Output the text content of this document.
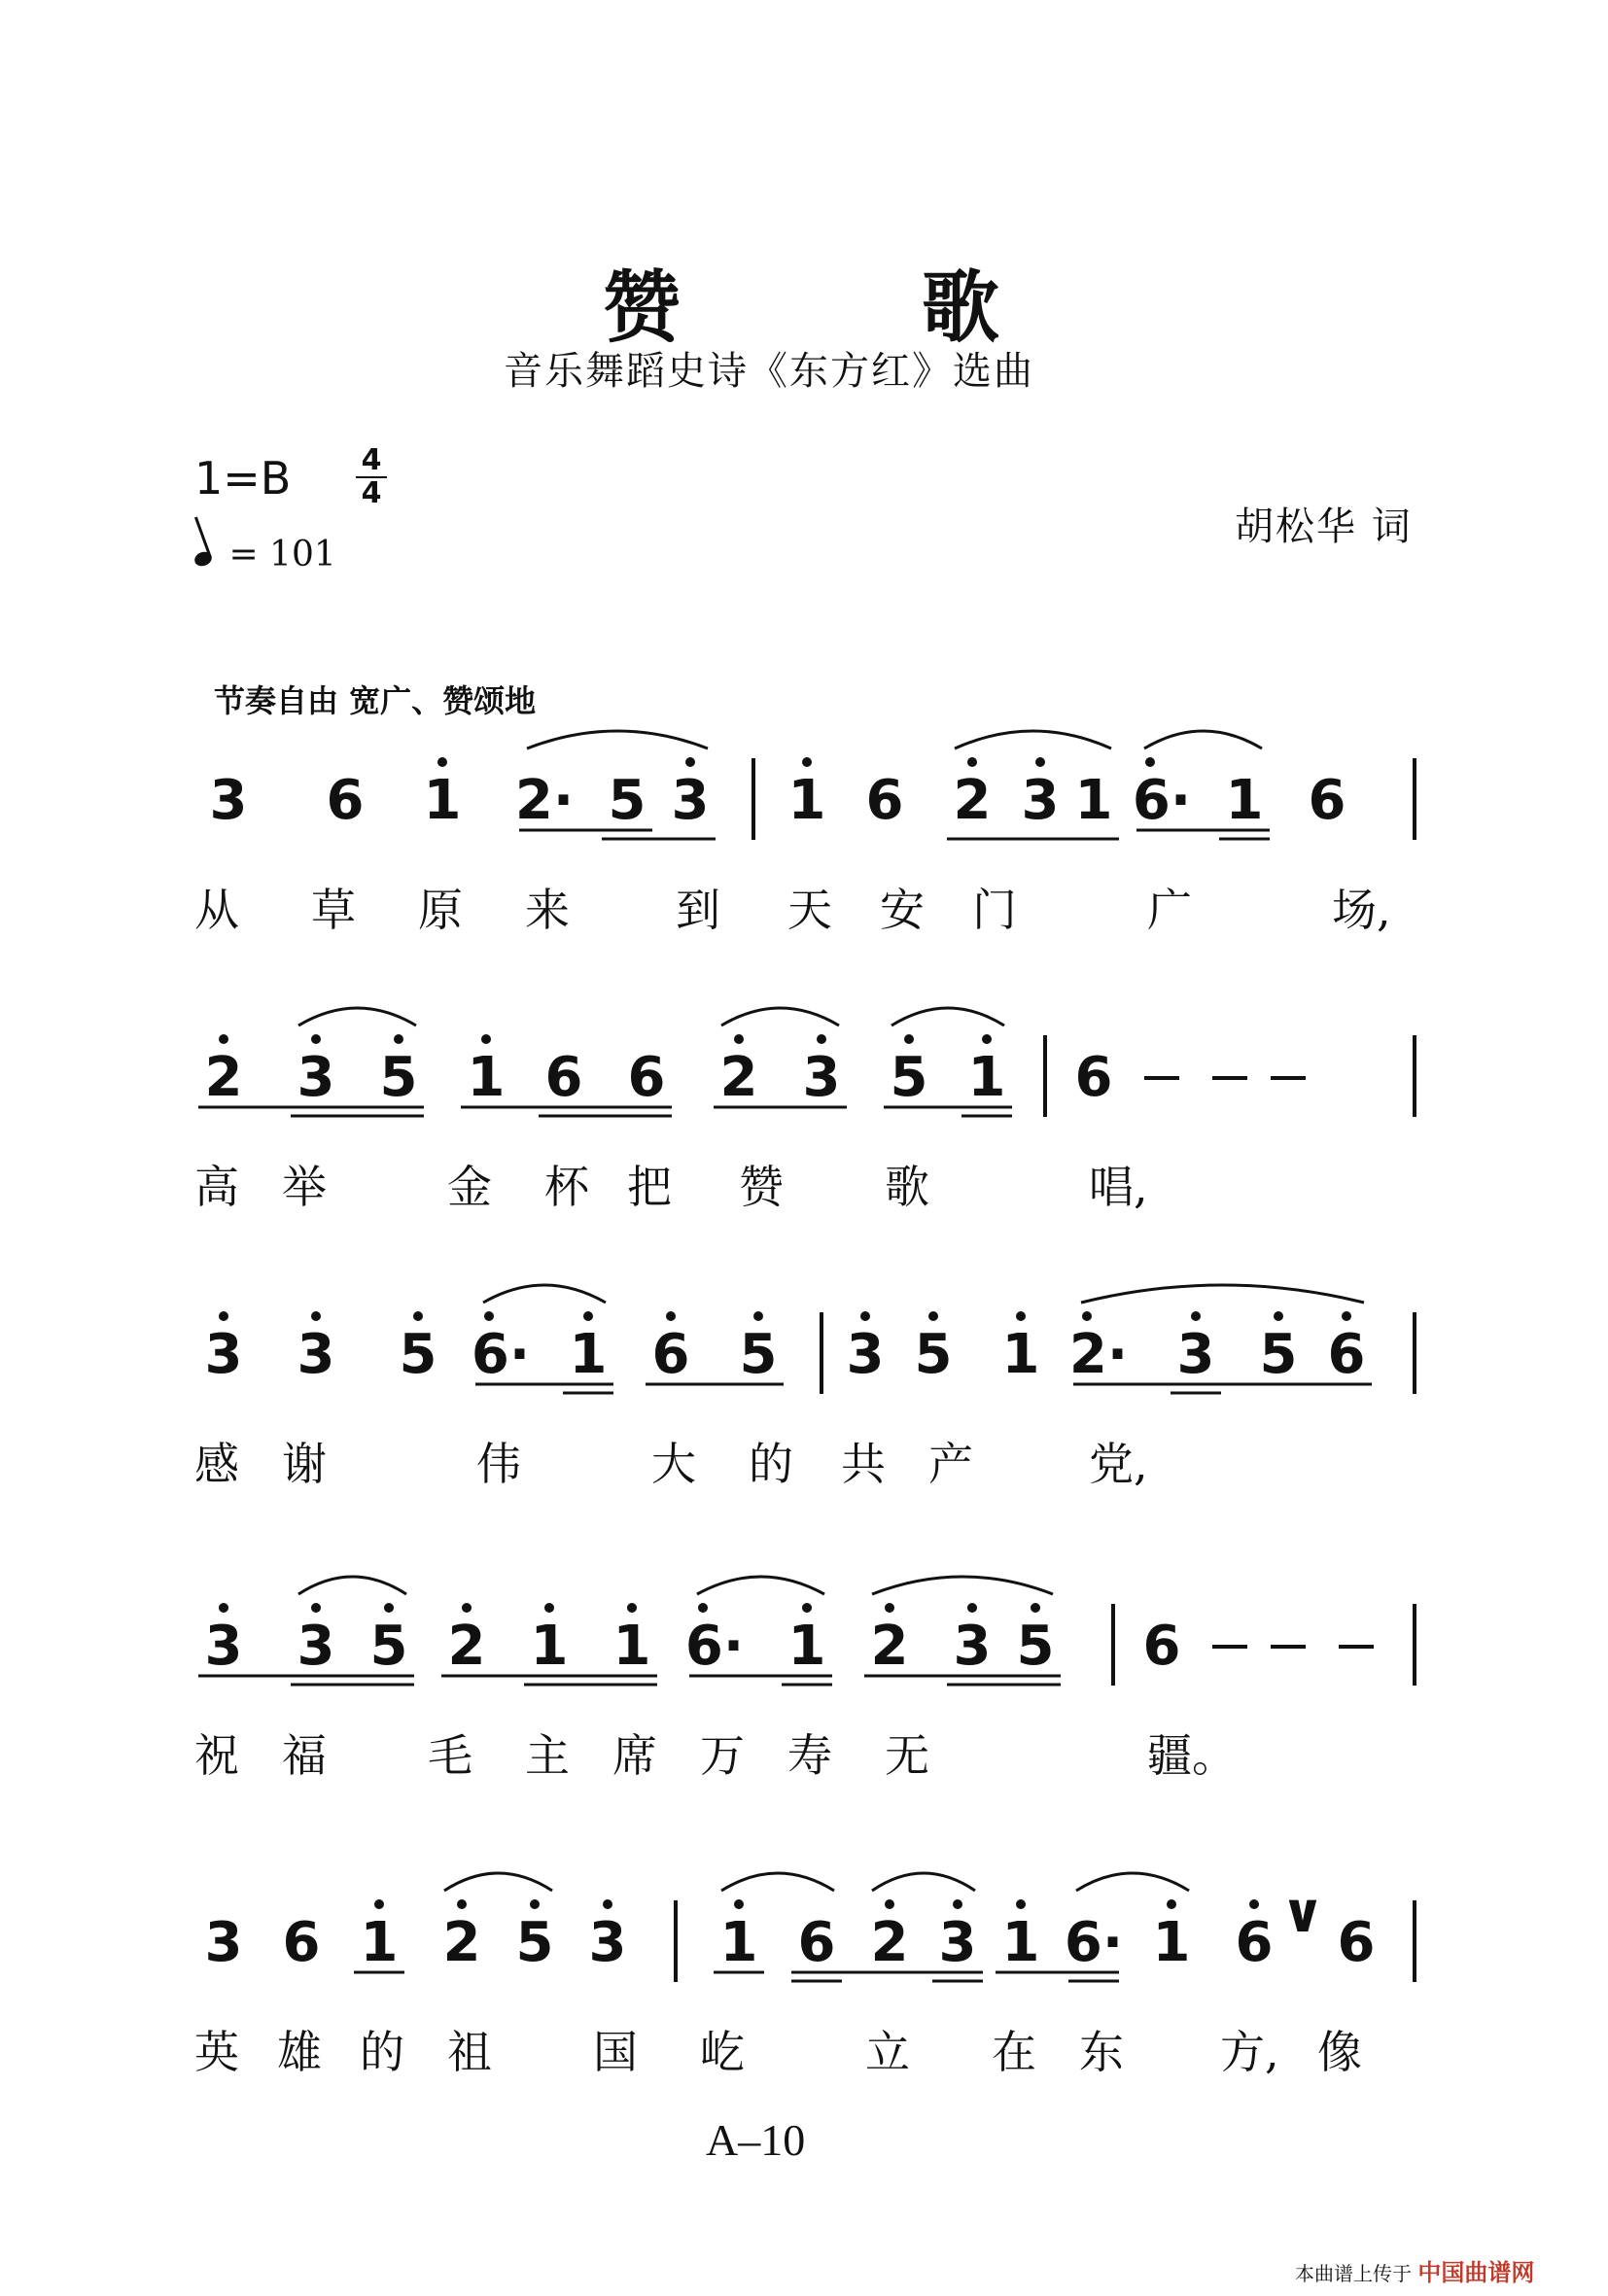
赞 歌
音乐舞蹈史诗《东方红》选曲
1=B	4
4
= 101
胡松华 词
节奏自由 宽广、赞颂地
3 6 1 2· 5 3 1 6 2 3 1 6· 1 6
从 草 原 来 到 天 安 门	广	场,
2 3 5 1 6 6 2 3 5 1 6
高 举	金 杯 把 赞 歌	唱,
3 3 5 6· 1 6 5 3 5 1 2· 3 5 6
感 谢	伟	大 的 共 产	党,
3 3 5 2 1 1 6· 1 2 3 5 6
祝 福 毛 主 席 万 寿 无	疆。
3 6 1 2 5 3 1 6 2 3 1 6· 1 6 ∨ 6
英 雄 的 祖 国 屹	立 在 东 方, 像
A–10
本曲谱上传于 中国曲谱网
